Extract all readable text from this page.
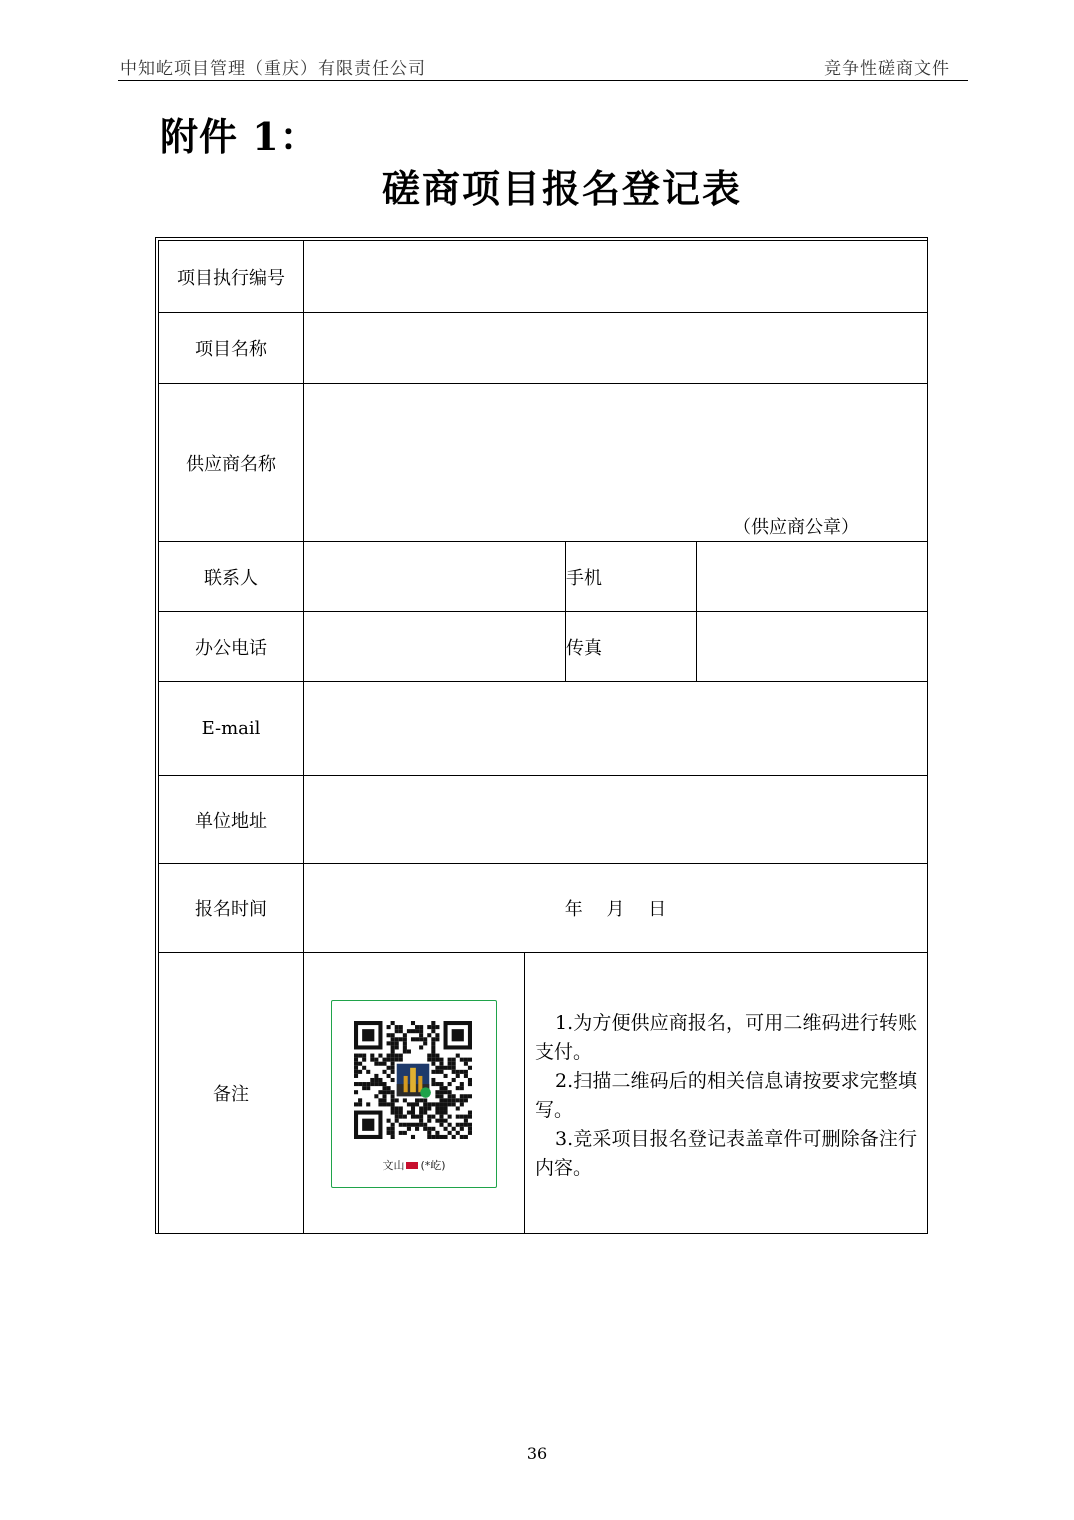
中知屹项目管理（重庆）有限责任公司	竞争性磋商文件
附件 1：
磋商项目报名登记表
项目执行编号				
项目名称				
供应商名称	（供应商公章）			

联系人			手机	
办公电话			传真	
E-mail				
单位地址				
报名时间	年 月 日			
备注	文山 (*屹)	1.为方便供应商报名，可用二维码进行转账支付。

2.扫描二维码后的相关信息请按要求完整填写。

3.竞采项目报名登记表盖章件可删除备注行内容。		

36
